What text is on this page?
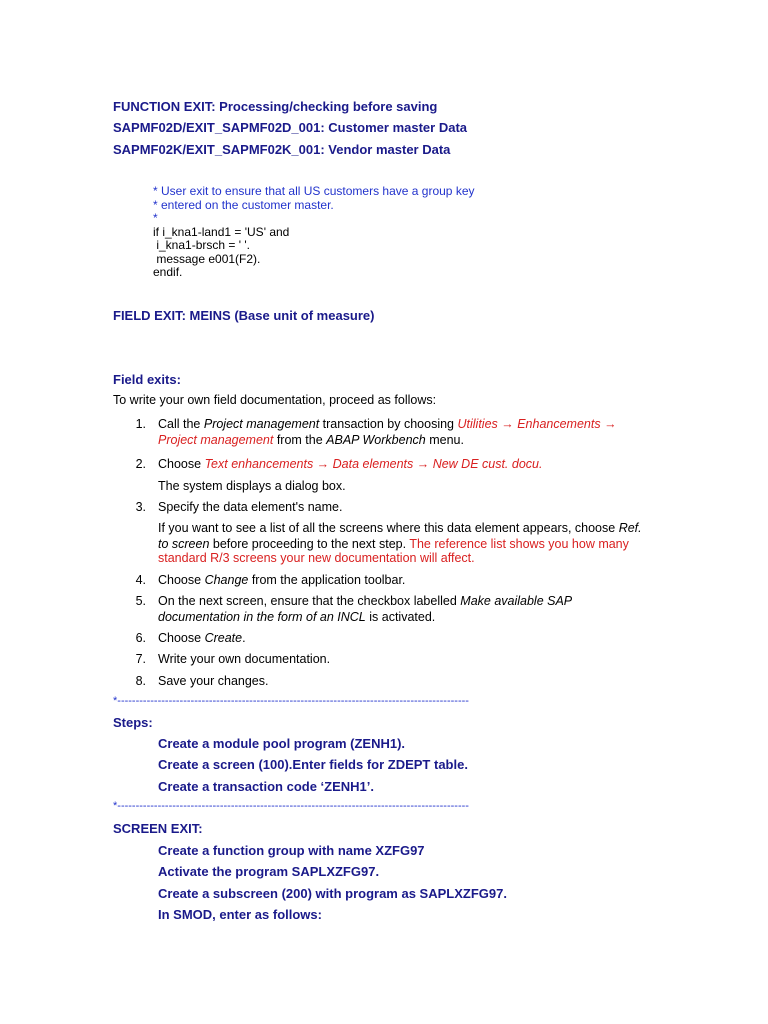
FUNCTION EXIT: Processing/checking before saving
SAPMF02D/EXIT_SAPMF02D_001: Customer master Data
SAPMF02K/EXIT_SAPMF02K_001: Vendor master Data
* User exit to ensure that all US customers have a group key
* entered on the customer master.
*
if i_kna1-land1 = 'US' and
i_kna1-brsch = ' '.
message e001(F2).
endif.
FIELD EXIT: MEINS (Base unit of measure)
Field exits:
To write your own field documentation, proceed as follows:
1. Call the Project management transaction by choosing Utilities → Enhancements →
Project management from the ABAP Workbench menu.
2. Choose Text enhancements → Data elements → New DE cust. docu.
The system displays a dialog box.
3. Specify the data element's name.
If you want to see a list of all the screens where this data element appears, choose Ref.
to screen before proceeding to the next step. The reference list shows you how many
standard R/3 screens your new documentation will affect.
4. Choose Change from the application toolbar.
5. On the next screen, ensure that the checkbox labelled Make available SAP
documentation in the form of an INCL is activated.
6. Choose Create.
7. Write your own documentation.
8. Save your changes.
*------------------------------------------------------------------------------------------------
Steps:
Create a module pool program (ZENH1).
Create a screen (100).Enter fields for ZDEPT table.
Create a transaction code ‘ZENH1’.
*------------------------------------------------------------------------------------------------
SCREEN EXIT:
Create a function group with name XZFG97
Activate the program SAPLXZFG97.
Create a subscreen (200) with program as SAPLXZFG97.
In SMOD, enter as follows:
